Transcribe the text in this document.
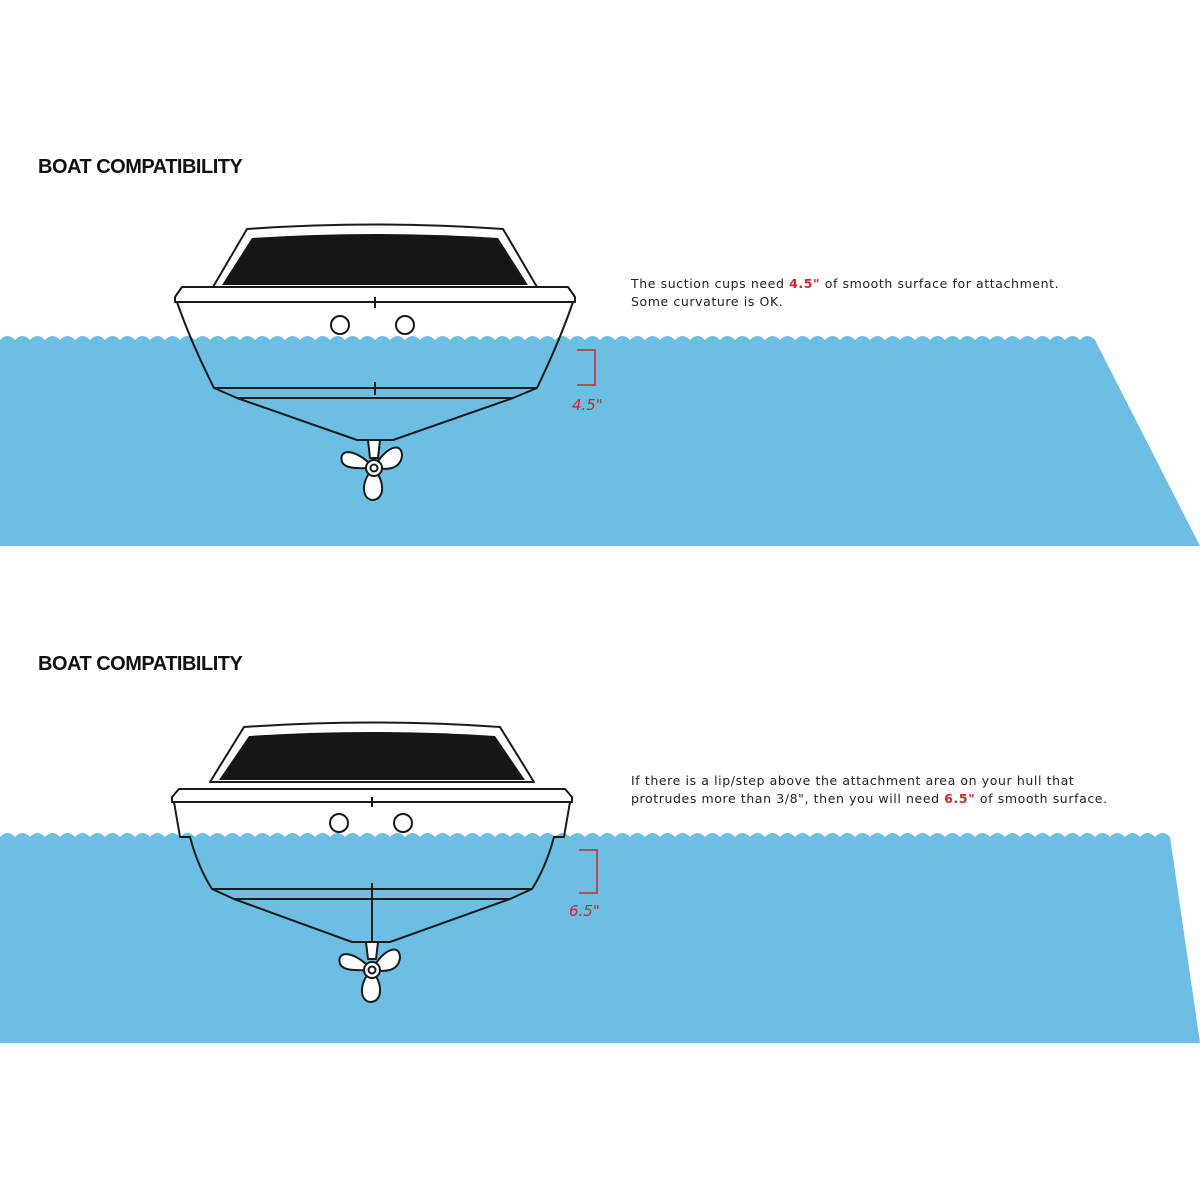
BOAT COMPATIBILITY
4.5"
The suction cups need 4.5" of smooth surface for attachment.
Some curvature is OK.
BOAT COMPATIBILITY
6.5"
If there is a lip/step above the attachment area on your hull that
protrudes more than 3/8", then you will need 6.5" of smooth surface.
